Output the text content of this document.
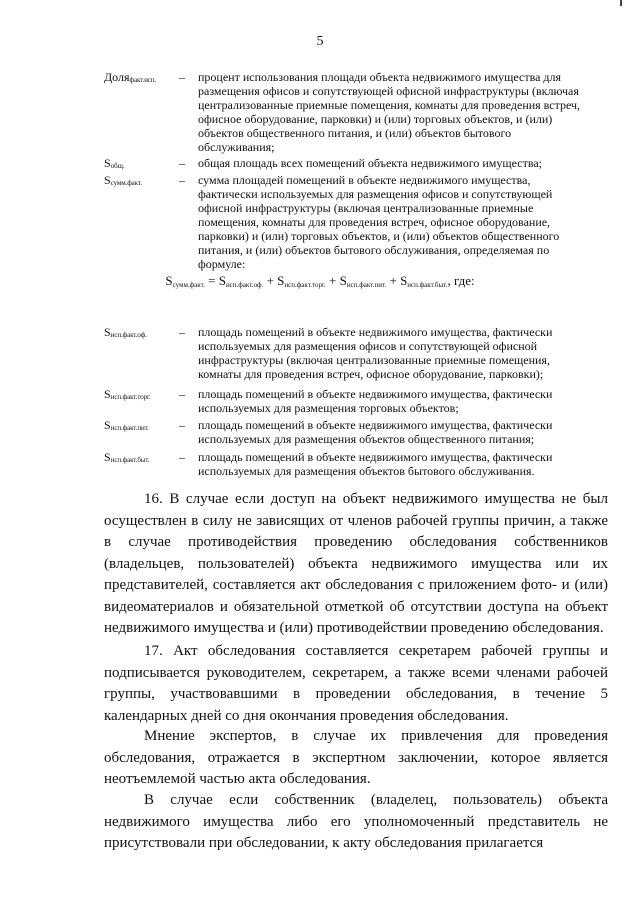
5
Доля$_{факт.исп.}$	– процент использования площади объекта недвижимого имущества для размещения офисов и сопутствующей офисной инфраструктуры (включая централизованные приемные помещения, комнаты для проведения встреч, офисное оборудование, парковки) и (или) торговых объектов, и (или) объектов общественного питания, и (или) объектов бытового обслуживания;
$S_{общ.}$	– общая площадь всех помещений объекта недвижимого имущества;
$S_{сумм.факт.}$	– сумма площадей помещений в объекте недвижимого имущества, фактически используемых для размещения офисов и сопутствующей офисной инфраструктуры (включая централизованные приемные помещения, комнаты для проведения встреч, офисное оборудование, парковки) и (или) торговых объектов, и (или) объектов общественного питания, и (или) объектов бытового обслуживания, определяемая по формуле:
$S_{сумм.факт.} = S_{исп.факт.оф.} + S_{исп.факт.торг.} + S_{исп.факт.пит.} + S_{исп.факт.быт.}$, где:
$S_{исп.факт.оф.}$	– площадь помещений в объекте недвижимого имущества, фактически используемых для размещения офисов и сопутствующей офисной инфраструктуры (включая централизованные приемные помещения, комнаты для проведения встреч, офисное оборудование, парковки);
$S_{исп.факт.торг.}$	– площадь помещений в объекте недвижимого имущества, фактически используемых для размещения торговых объектов;
$S_{исп.факт.пит.}$	– площадь помещений в объекте недвижимого имущества, фактически используемых для размещения объектов общественного питания;
$S_{исп.факт.быт.}$	– площадь помещений в объекте недвижимого имущества, фактически используемых для размещения объектов бытового обслуживания.
16. В случае если доступ на объект недвижимого имущества не был осуществлен в силу не зависящих от членов рабочей группы причин, а также в случае противодействия проведению обследования собственников (владельцев, пользователей) объекта недвижимого имущества или их представителей, составляется акт обследования с приложением фото- и (или) видеоматериалов и обязательной отметкой об отсутствии доступа на объект недвижимого имущества и (или) противодействии проведению обследования.
17. Акт обследования составляется секретарем рабочей группы и подписывается руководителем, секретарем, а также всеми членами рабочей группы, участвовавшими в проведении обследования, в течение 5 календарных дней со дня окончания проведения обследования.
Мнение экспертов, в случае их привлечения для проведения обследования, отражается в экспертном заключении, которое является неотъемлемой частью акта обследования.
В случае если собственник (владелец, пользователь) объекта недвижимого имущества либо его уполномоченный представитель не присутствовали при обследовании, к акту обследования прилагается
